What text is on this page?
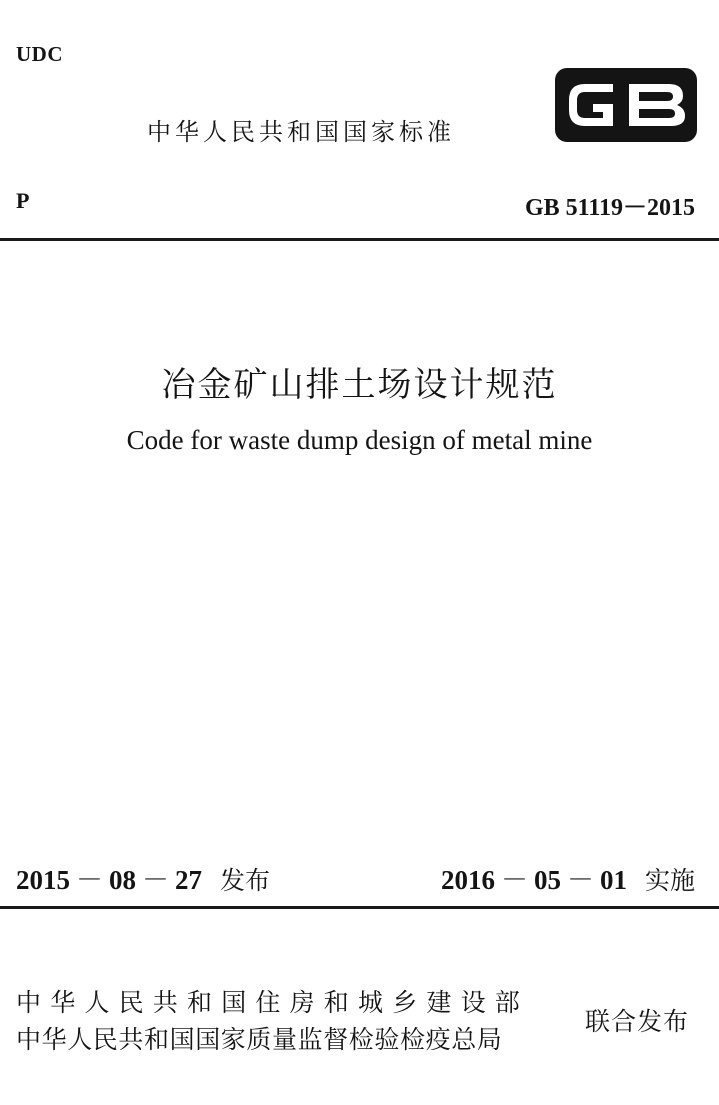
UDC
中华人民共和国国家标准
P	GB 51119－2015
冶金矿山排土场设计规范
Code for waste dump design of metal mine
2015 － 08 － 27 发布	2016 － 05 － 01 实施
中华人民共和国住房和城乡建设部
中华人民共和国国家质量监督检验检疫总局
联合发布
